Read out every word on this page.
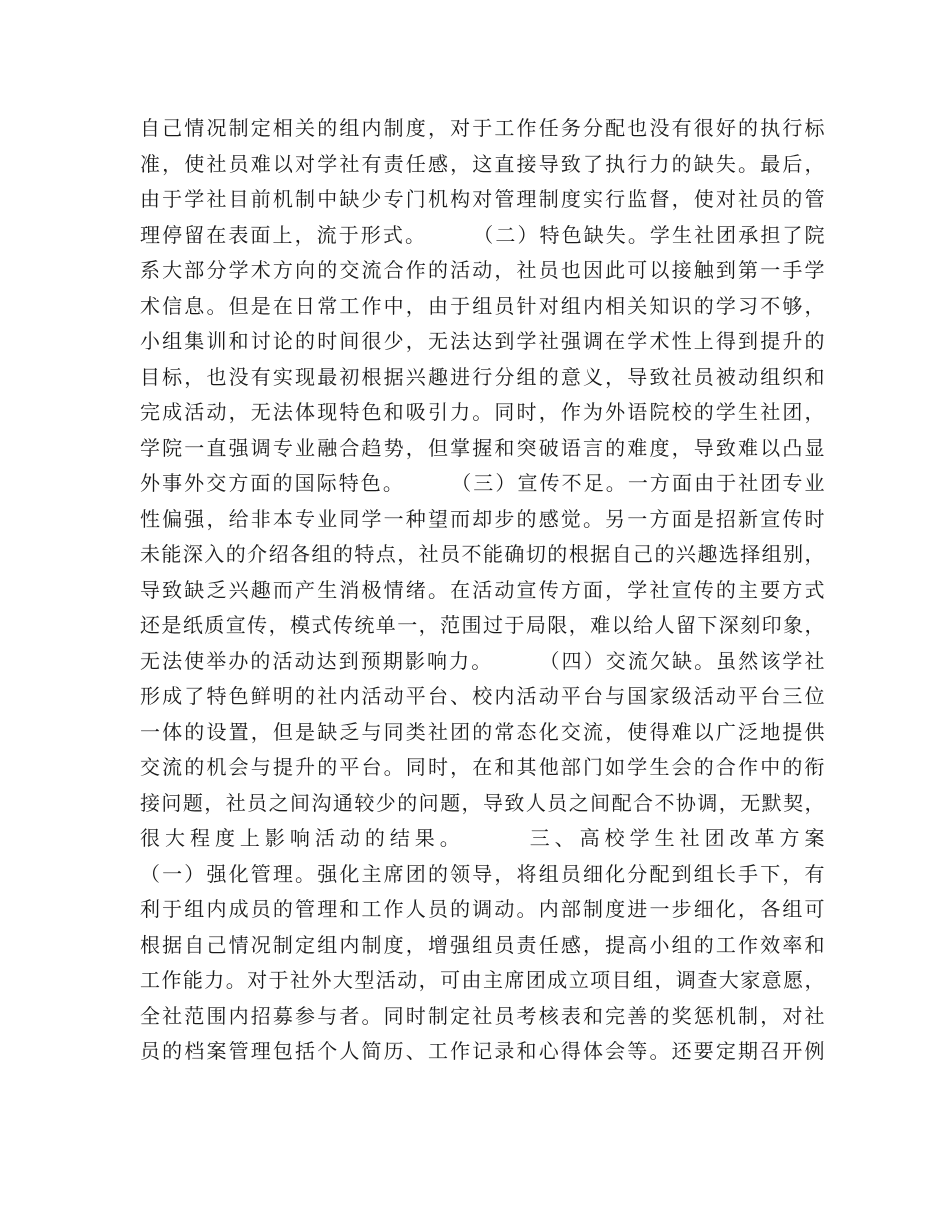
自己情况制定相关的组内制度，对于工作任务分配也没有很好的执行标
准，使社员难以对学社有责任感，这直接导致了执行力的缺失。最后，
由于学社目前机制中缺少专门机构对管理制度实行监督，使对社员的管
理停留在表面上，流于形式。　　　（二）特色缺失。学生社团承担了院
系大部分学术方向的交流合作的活动，社员也因此可以接触到第一手学
术信息。但是在日常工作中，由于组员针对组内相关知识的学习不够，
小组集训和讨论的时间很少，无法达到学社强调在学术性上得到提升的
目标，也没有实现最初根据兴趣进行分组的意义，导致社员被动组织和
完成活动，无法体现特色和吸引力。同时，作为外语院校的学生社团，
学院一直强调专业融合趋势，但掌握和突破语言的难度，导致难以凸显
外事外交方面的国际特色。　　　（三）宣传不足。一方面由于社团专业
性偏强，给非本专业同学一种望而却步的感觉。另一方面是招新宣传时
未能深入的介绍各组的特点，社员不能确切的根据自己的兴趣选择组别，
导致缺乏兴趣而产生消极情绪。在活动宣传方面，学社宣传的主要方式
还是纸质宣传，模式传统单一，范围过于局限，难以给人留下深刻印象，
无法使举办的活动达到预期影响力。　　　（四）交流欠缺。虽然该学社
形成了特色鲜明的社内活动平台、校内活动平台与国家级活动平台三位
一体的设置，但是缺乏与同类社团的常态化交流，使得难以广泛地提供
交流的机会与提升的平台。同时，在和其他部门如学生会的合作中的衔
接问题，社员之间沟通较少的问题，导致人员之间配合不协调，无默契，
很大程度上影响活动的结果。　　　三、高校学生社团改革方案
（一）强化管理。强化主席团的领导，将组员细化分配到组长手下，有
利于组内成员的管理和工作人员的调动。内部制度进一步细化，各组可
根据自己情况制定组内制度，增强组员责任感，提高小组的工作效率和
工作能力。对于社外大型活动，可由主席团成立项目组，调查大家意愿，
全社范围内招募参与者。同时制定社员考核表和完善的奖惩机制，对社
员的档案管理包括个人简历、工作记录和心得体会等。还要定期召开例
